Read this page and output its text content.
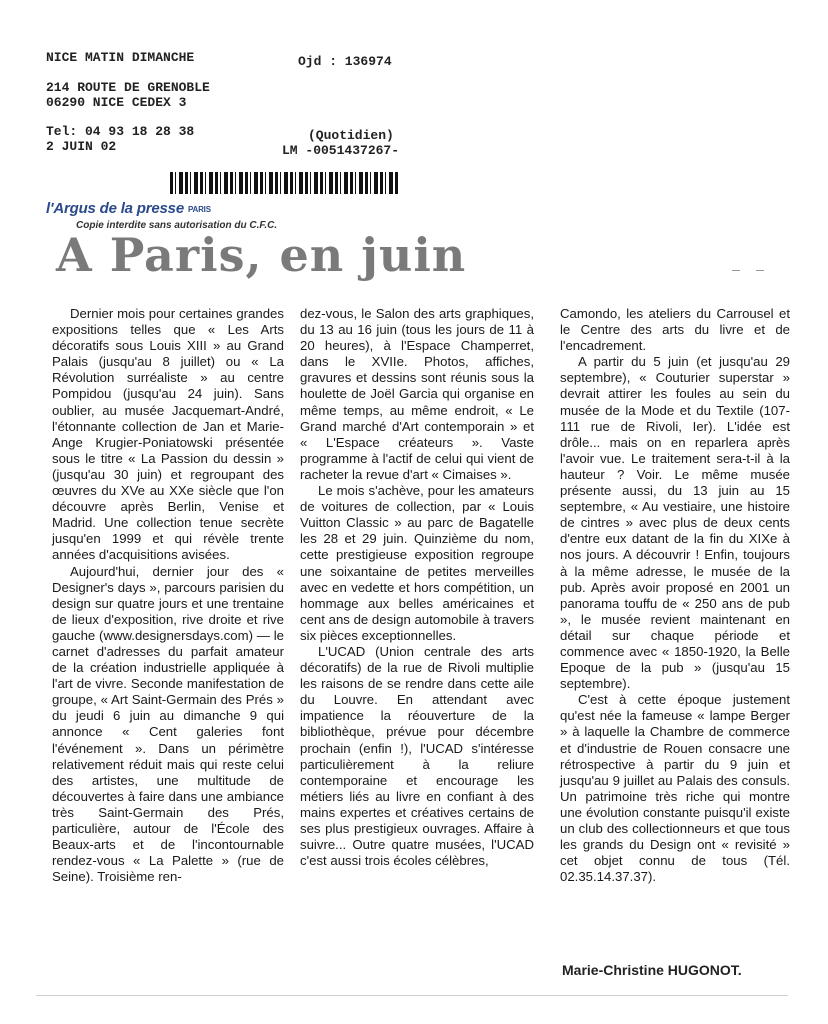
NICE MATIN DIMANCHE	Ojd : 136974
214 ROUTE DE GRENOBLE
06290 NICE CEDEX 3
Tel: 04 93 18 28 38
2 JUIN 02
(Quotidien)
LM -0051437267-
l'Argus de la presse PARIS
Copie interdite sans autorisation du C.F.C.
A Paris, en juin

Dernier mois pour certaines grandes expositions telles que « Les Arts décoratifs sous Louis XIII » au Grand Palais (jusqu'au 8 juillet) ou « La Révolution surréaliste » au centre Pompidou (jusqu'au 24 juin). Sans oublier, au musée Jacquemart-André, l'étonnante collection de Jan et Marie-Ange Krugier-Poniatowski présentée sous le titre « La Passion du dessin » (jusqu'au 30 juin) et regroupant des œuvres du XVe au XXe siècle que l'on découvre après Berlin, Venise et Madrid. Une collection tenue secrète jusqu'en 1999 et qui révèle trente années d'acquisitions avisées.

Aujourd'hui, dernier jour des « Designer's days », parcours parisien du design sur quatre jours et une trentaine de lieux d'exposition, rive droite et rive gauche (www.designersdays.com) — le carnet d'adresses du parfait amateur de la création industrielle appliquée à l'art de vivre. Seconde manifestation de groupe, « Art Saint-Germain des Prés » du jeudi 6 juin au dimanche 9 qui annonce « Cent galeries font l'événement ». Dans un périmètre relativement réduit mais qui reste celui des artistes, une multitude de découvertes à faire dans une ambiance très Saint-Germain des Prés, particulière, autour de l'École des Beaux-arts et de l'incontournable rendez-vous « La Palette » (rue de Seine). Troisième ren-

dez-vous, le Salon des arts graphiques, du 13 au 16 juin (tous les jours de 11 à 20 heures), à l'Espace Champerret, dans le XVIIe. Photos, affiches, gravures et dessins sont réunis sous la houlette de Joël Garcia qui organise en même temps, au même endroit, « Le Grand marché d'Art contemporain » et « L'Espace créateurs ». Vaste programme à l'actif de celui qui vient de racheter la revue d'art « Cimaises ».

Le mois s'achève, pour les amateurs de voitures de collection, par « Louis Vuitton Classic » au parc de Bagatelle les 28 et 29 juin. Quinzième du nom, cette prestigieuse exposition regroupe une soixantaine de petites merveilles avec en vedette et hors compétition, un hommage aux belles américaines et cent ans de design automobile à travers six pièces exceptionnelles.

L'UCAD (Union centrale des arts décoratifs) de la rue de Rivoli multiplie les raisons de se rendre dans cette aile du Louvre. En attendant avec impatience la réouverture de la bibliothèque, prévue pour décembre prochain (enfin !), l'UCAD s'intéresse particulièrement à la reliure contemporaine et encourage les métiers liés au livre en confiant à des mains expertes et créatives certains de ses plus prestigieux ouvrages. Affaire à suivre... Outre quatre musées, l'UCAD c'est aussi trois écoles célèbres,

Camondo, les ateliers du Carrousel et le Centre des arts du livre et de l'encadrement.

A partir du 5 juin (et jusqu'au 29 septembre), « Couturier superstar » devrait attirer les foules au sein du musée de la Mode et du Textile (107-111 rue de Rivoli, Ier). L'idée est drôle... mais on en reparlera après l'avoir vue. Le traitement sera-t-il à la hauteur ? Voir. Le même musée présente aussi, du 13 juin au 15 septembre, « Au vestiaire, une histoire de cintres » avec plus de deux cents d'entre eux datant de la fin du XIXe à nos jours. A découvrir ! Enfin, toujours à la même adresse, le musée de la pub. Après avoir proposé en 2001 un panorama touffu de « 250 ans de pub », le musée revient maintenant en détail sur chaque période et commence avec « 1850-1920, la Belle Epoque de la pub » (jusqu'au 15 septembre).

C'est à cette époque justement qu'est née la fameuse « lampe Berger » à laquelle la Chambre de commerce et d'industrie de Rouen consacre une rétrospective à partir du 9 juin et jusqu'au 9 juillet au Palais des consuls. Un patrimoine très riche qui montre une évolution constante puisqu'il existe un club des collectionneurs et que tous les grands du Design ont « revisité » cet objet connu de tous (Tél. 02.35.14.37.37).

Marie-Christine HUGONOT.
